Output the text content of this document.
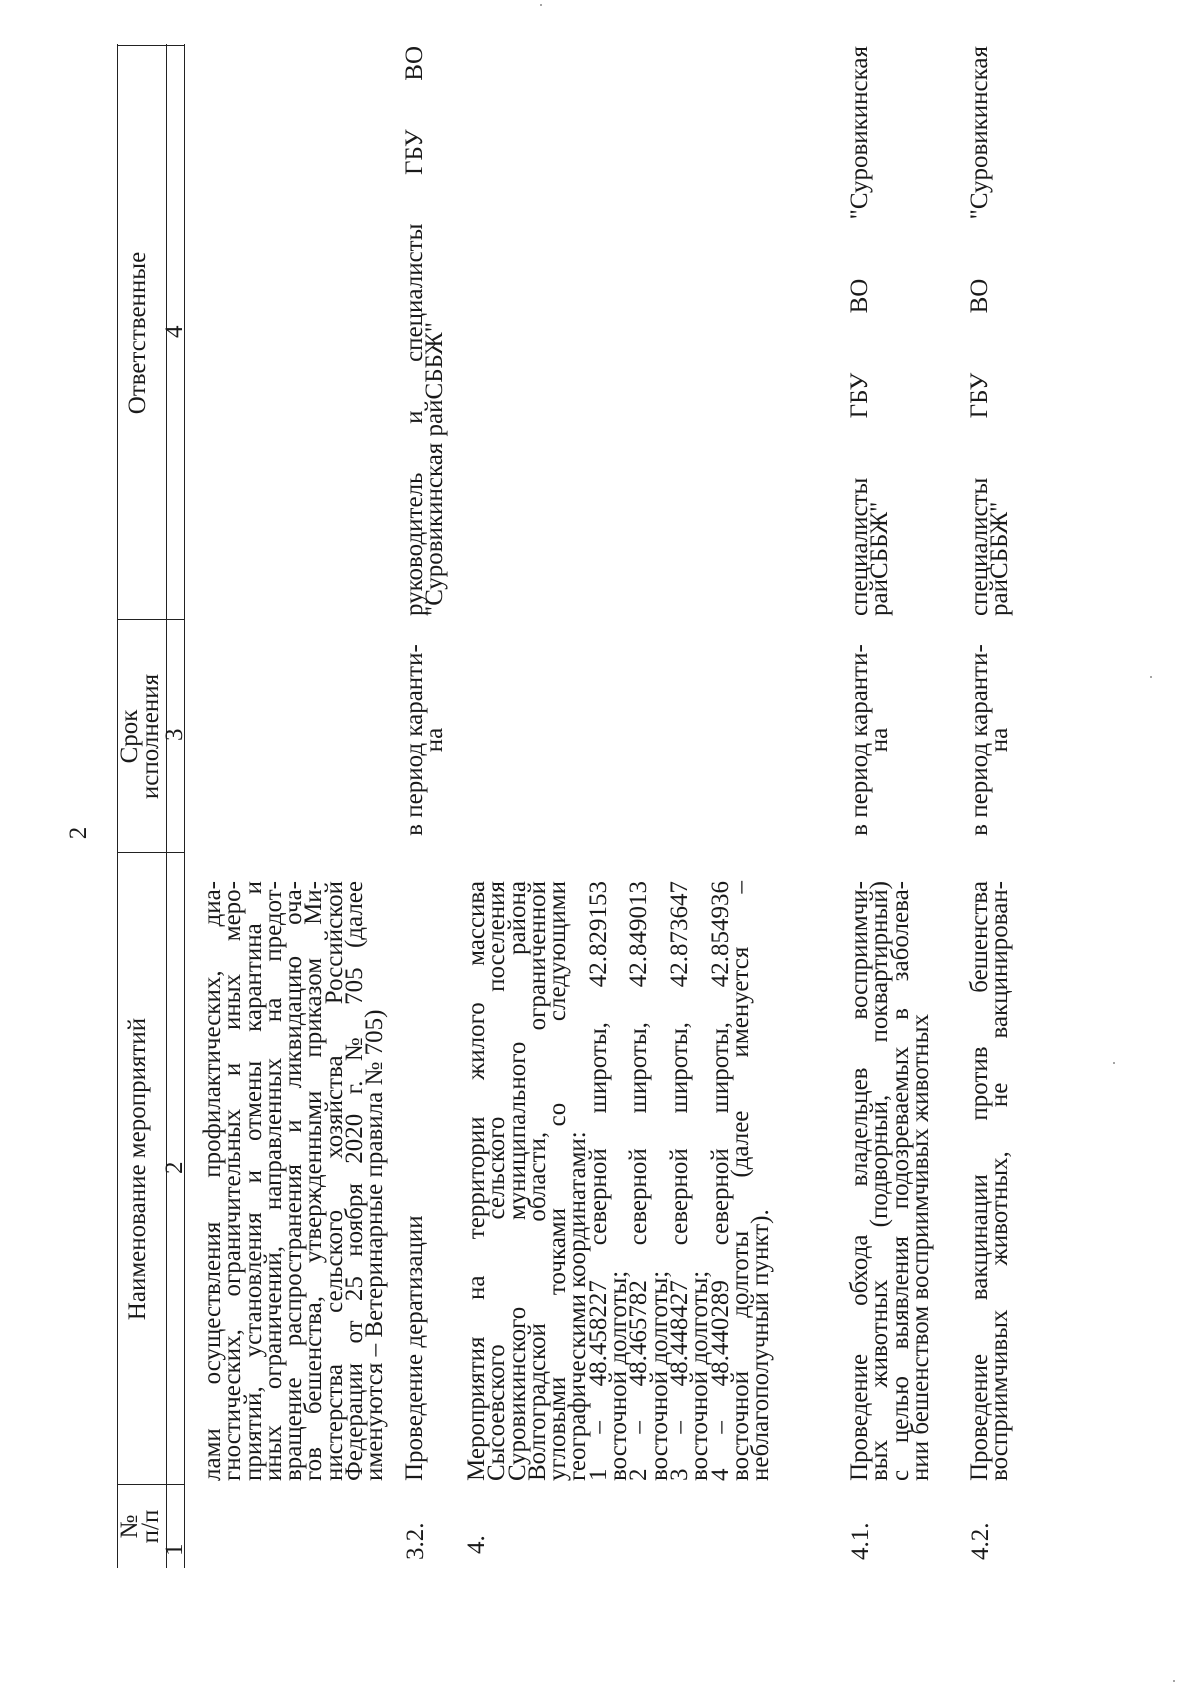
2
№
п/п
Наименование мероприятий
Срок
исполнения
Ответственные
1
2
3
4
лами осуществления профилактических, диа-
гностических, ограничительных и иных меро-
приятий, установления и отмены карантина и
иных ограничений, направленных на предот-
вращение распространения и ликвидацию оча-
гов бешенства, утвержденными приказом Ми-
нистерства сельского хозяйства Российской
Федерации от 25 ноября 2020 г. № 705 (далее
именуются – Ветеринарные правила № 705)
3.2.
Проведение дератизации
в период каранти-
на
руководитель
и
специалисты
ГБУ
ВО
"Суровикинская райСББЖ"
4.
Мероприятия на территории жилого массива
Сысоевского сельского поселения
Суровикинского муниципального района
Волгоградской области, ограниченной
угловыми точками со следующими
географическими координатами:
1 – 48.458227 северной широты, 42.829153
восточной долготы;
2 – 48.465782 северной широты, 42.849013
восточной долготы;
3 – 48.448427 северной широты, 42.873647
восточной долготы;
4 – 48.440289 северной широты, 42.854936
восточной долготы (далее именуется –
неблагополучный пункт).
4.1.
Проведение обхода владельцев восприимчи-
вых животных (подворный, поквартирный)
с целью выявления подозреваемых в заболева-
нии бешенством восприимчивых животных
в период каранти-
на
специалисты
ГБУ
ВО
"Суровикинская
райСББЖ"
4.2.
Проведение вакцинации против бешенства
восприимчивых животных, не вакцинирован-
в период каранти-
на
специалисты
ГБУ
ВО
"Суровикинская
райСББЖ"
